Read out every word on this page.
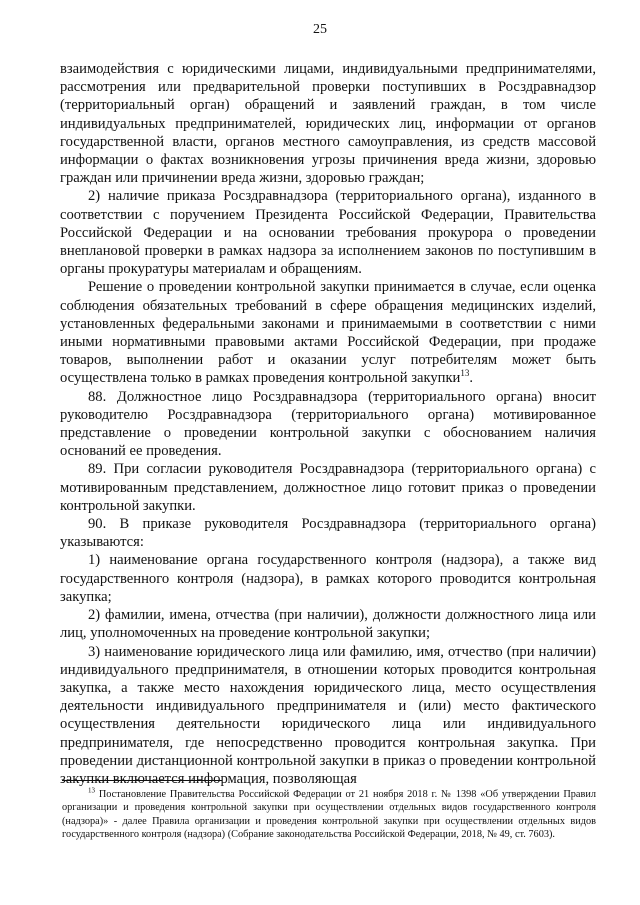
25

взаимодействия с юридическими лицами, индивидуальными предпринимателями, рассмотрения или предварительной проверки поступивших в Росздравнадзор (территориальный орган) обращений и заявлений граждан, в том числе индивидуальных предпринимателей, юридических лиц, информации от органов государственной власти, органов местного самоуправления, из средств массовой информации о фактах возникновения угрозы причинения вреда жизни, здоровью граждан или причинении вреда жизни, здоровью граждан;

2) наличие приказа Росздравнадзора (территориального органа), изданного в соответствии с поручением Президента Российской Федерации, Правительства Российской Федерации и на основании требования прокурора о проведении внеплановой проверки в рамках надзора за исполнением законов по поступившим в органы прокуратуры материалам и обращениям.

Решение о проведении контрольной закупки принимается в случае, если оценка соблюдения обязательных требований в сфере обращения медицинских изделий, установленных федеральными законами и принимаемыми в соответствии с ними иными нормативными правовыми актами Российской Федерации, при продаже товаров, выполнении работ и оказании услуг потребителям может быть осуществлена только в рамках проведения контрольной закупки$^{13}$.

88. Должностное лицо Росздравнадзора (территориального органа) вносит руководителю Росздравнадзора (территориального органа) мотивированное представление о проведении контрольной закупки с обоснованием наличия оснований ее проведения.

89. При согласии руководителя Росздравнадзора (территориального органа) с мотивированным представлением, должностное лицо готовит приказ о проведении контрольной закупки.

90. В приказе руководителя Росздравнадзора (территориального органа) указываются:

1) наименование органа государственного контроля (надзора), а также вид государственного контроля (надзора), в рамках которого проводится контрольная закупка;

2) фамилии, имена, отчества (при наличии), должности должностного лица или лиц, уполномоченных на проведение контрольной закупки;

3) наименование юридического лица или фамилию, имя, отчество (при наличии) индивидуального предпринимателя, в отношении которых проводится контрольная закупка, а также место нахождения юридического лица, место осуществления деятельности индивидуального предпринимателя и (или) место фактического осуществления деятельности юридического лица или индивидуального предпринимателя, где непосредственно проводится контрольная закупка. При проведении дистанционной контрольной закупки в приказ о проведении контрольной закупки включается информация, позволяющая

$^{13}$ Постановление Правительства Российской Федерации от 21 ноября 2018 г. № 1398 «Об утверждении Правил организации и проведения контрольной закупки при осуществлении отдельных видов государственного контроля (надзора)» - далее Правила организации и проведения контрольной закупки при осуществлении отдельных видов государственного контроля (надзора) (Собрание законодательства Российской Федерации, 2018, № 49, ст. 7603).
